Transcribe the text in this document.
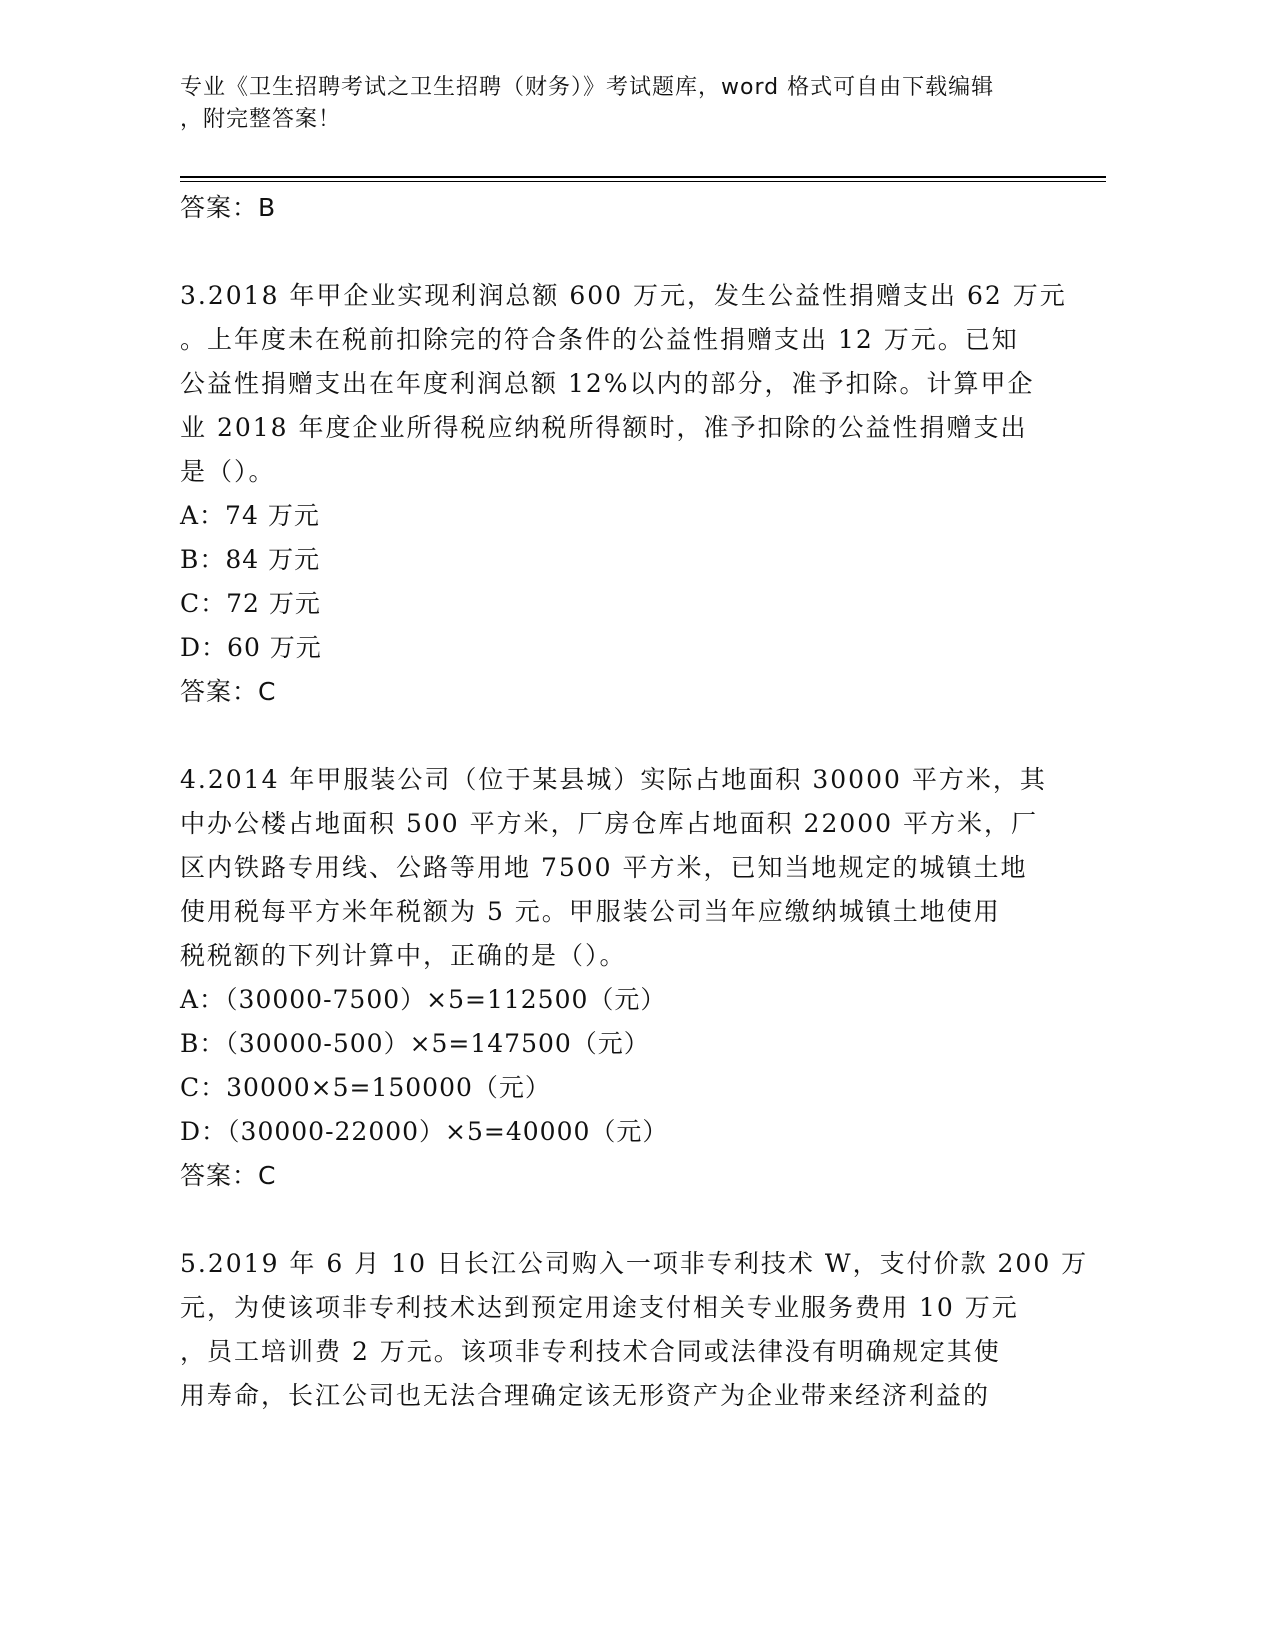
专业《卫生招聘考试之卫生招聘（财务）》考试题库，word 格式可自由下载编辑
，附完整答案！
答案：B
3.2018 年甲企业实现利润总额 600 万元，发生公益性捐赠支出 62 万元
。上年度未在税前扣除完的符合条件的公益性捐赠支出 12 万元。已知
公益性捐赠支出在年度利润总额 12%以内的部分，准予扣除。计算甲企
业 2018 年度企业所得税应纳税所得额时，准予扣除的公益性捐赠支出
是（）。
A：74 万元
B：84 万元
C：72 万元
D：60 万元
答案：C
4.2014 年甲服装公司（位于某县城）实际占地面积 30000 平方米，其
中办公楼占地面积 500 平方米，厂房仓库占地面积 22000 平方米，厂
区内铁路专用线、公路等用地 7500 平方米，已知当地规定的城镇土地
使用税每平方米年税额为 5 元。甲服装公司当年应缴纳城镇土地使用
税税额的下列计算中，正确的是（）。
A：（30000-7500）×5=112500（元）
B：（30000-500）×5=147500（元）
C：30000×5=150000（元）
D：（30000-22000）×5=40000（元）
答案：C
5.2019 年 6 月 10 日长江公司购入一项非专利技术 W，支付价款 200 万
元，为使该项非专利技术达到预定用途支付相关专业服务费用 10 万元
，员工培训费 2 万元。该项非专利技术合同或法律没有明确规定其使
用寿命，长江公司也无法合理确定该无形资产为企业带来经济利益的
